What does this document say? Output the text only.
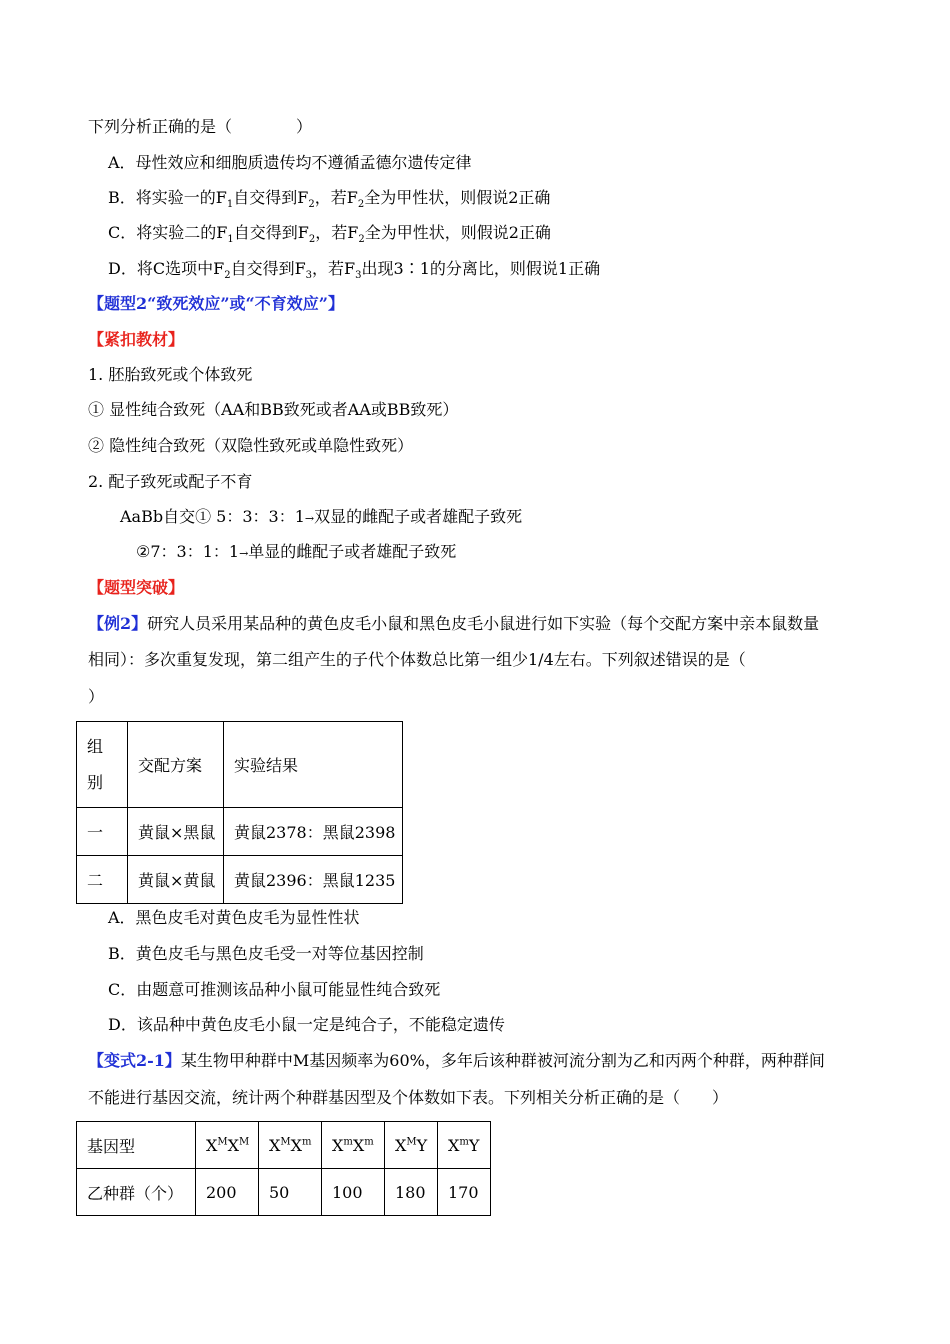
下列分析正确的是（　　　　）
A．母性效应和细胞质遗传均不遵循孟德尔遗传定律
B．将实验一的$F_1$自交得到$F_2$，若$F_2$全为甲性状，则假说2正确
C．将实验二的$F_1$自交得到$F_2$，若$F_2$全为甲性状，则假说2正确
D．将C选项中$F_2$自交得到$F_3$，若$F_3$出现3∶1的分离比，则假说1正确
【题型2“致死效应”或“不育效应”】
【紧扣教材】
1. 胚胎致死或个体致死
① 显性纯合致死（AA和BB致死或者AA或BB致死）
② 隐性纯合致死（双隐性致死或单隐性致死）
2. 配子致死或配子不育
AaBb自交① 5：3：3：1→双显的雌配子或者雄配子致死
②7：3：1：1→单显的雌配子或者雄配子致死
【题型突破】
【例2】研究人员采用某品种的黄色皮毛小鼠和黑色皮毛小鼠进行如下实验（每个交配方案中亲本鼠数量
相同）：多次重复发现，第二组产生的子代个体数总比第一组少1/4左右。下列叙述错误的是（
）
组
别	交配方案	实验结果
一	黄鼠×黑鼠	黄鼠2378：黑鼠2398
二	黄鼠×黄鼠	黄鼠2396：黑鼠1235
A．黑色皮毛对黄色皮毛为显性性状
B．黄色皮毛与黑色皮毛受一对等位基因控制
C．由题意可推测该品种小鼠可能显性纯合致死
D．该品种中黄色皮毛小鼠一定是纯合子，不能稳定遗传
【变式2-1】某生物甲种群中M基因频率为60%，多年后该种群被河流分割为乙和丙两个种群，两种群间
不能进行基因交流，统计两个种群基因型及个体数如下表。下列相关分析正确的是（　　）
基因型	$X^MX^M$	$X^MX^m$	$X^mX^m$	$X^MY$	$X^mY$
乙种群（个）	200	50	100	180	170
